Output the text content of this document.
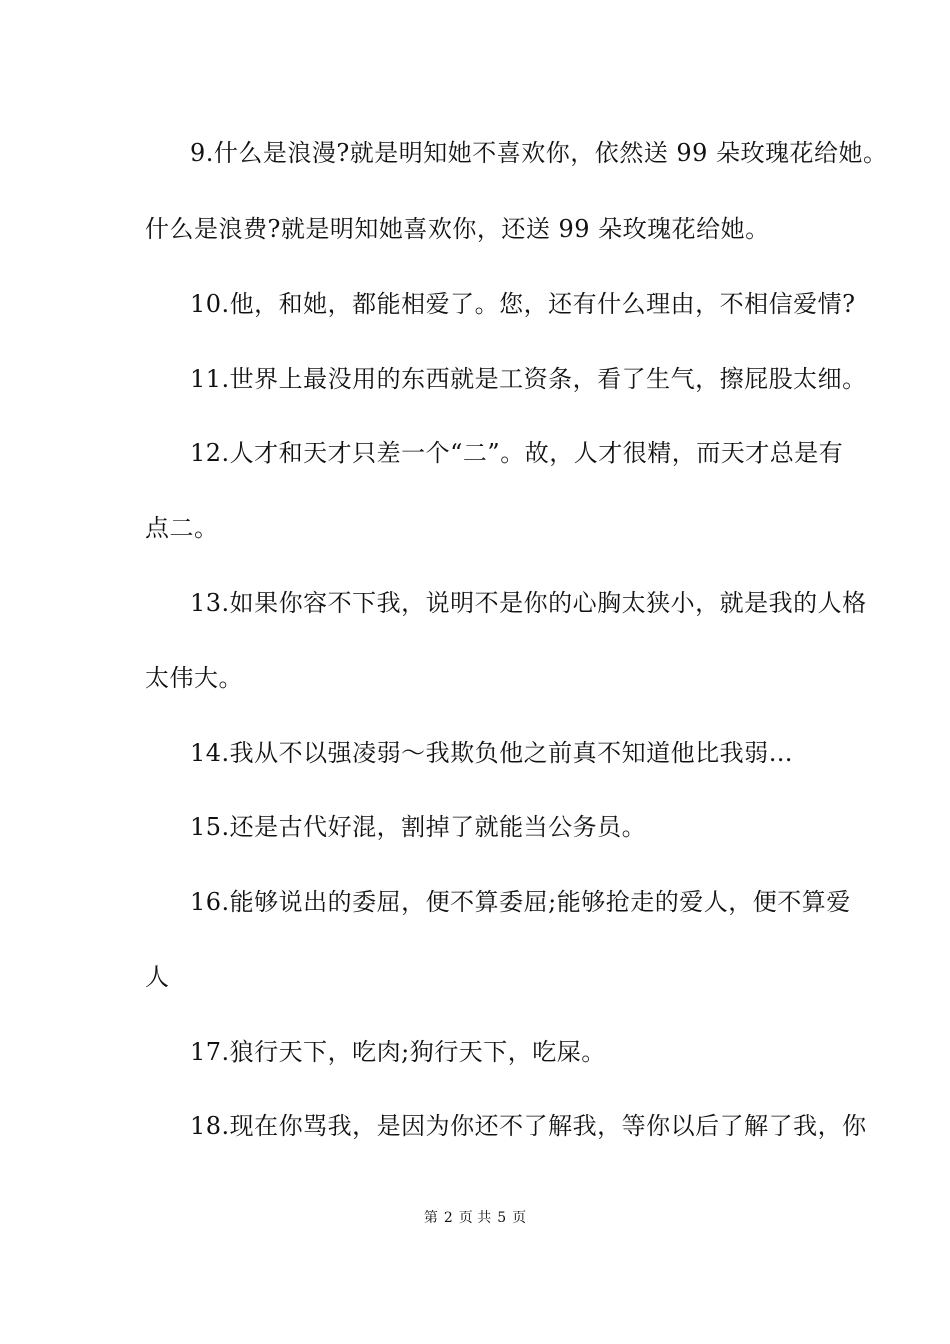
9.什么是浪漫?就是明知她不喜欢你，依然送 99 朵玫瑰花给她。
什么是浪费?就是明知她喜欢你，还送 99 朵玫瑰花给她。
10.他，和她，都能相爱了。您，还有什么理由，不相信爱情?
11.世界上最没用的东西就是工资条，看了生气，擦屁股太细。
12.人才和天才只差一个“二”。故，人才很精，而天才总是有
点二。
13.如果你容不下我，说明不是你的心胸太狭小，就是我的人格
太伟大。
14.我从不以强凌弱～我欺负他之前真不知道他比我弱…
15.还是古代好混，割掉了就能当公务员。
16.能够说出的委屈，便不算委屈;能够抢走的爱人，便不算爱
人
17.狼行天下，吃肉;狗行天下，吃屎。
18.现在你骂我，是因为你还不了解我，等你以后了解了我，你
第 2 页 共 5 页
